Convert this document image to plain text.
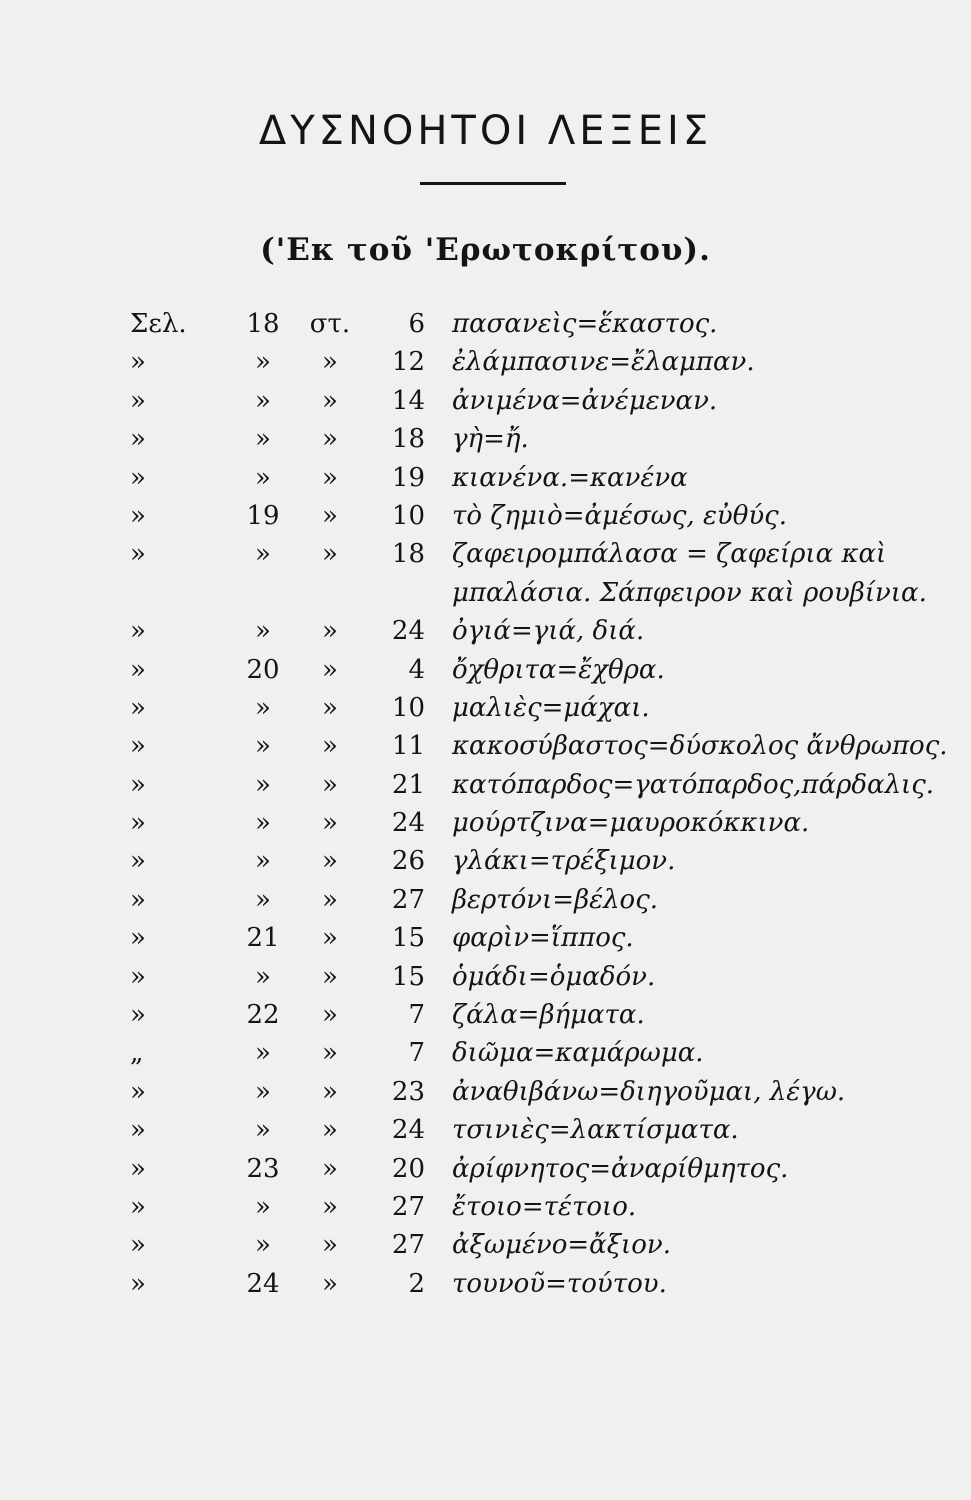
ΔΥΣΝΟΗΤΟΙ ΛΕΞΕΙΣ
('Εκ τοῦ 'Ερωτοκρίτου).
Σελ.	18	στ.	6 πασανεὶς=ἕκαστος.
»	»	»	12 ἐλάμπασινε=ἔλαμπαν.
»	»	»	14 ἀνιμένα=ἀνέμεναν.
»	»	»	18 γὴ=ἤ.
»	»	»	19 κιανένα.=κανένα
»	19	»	10 τὸ ζημιὸ=ἀμέσως, εὐθύς.
»	»	»	18 ζαφειρομπάλασα = ζαφείρια καὶ
μπαλάσια. Σάπφειρον καὶ ρουβίνια.
»	»	»	24 ὀγιά=γιά, διά.
»	20	»	4 ὄχθριτα=ἔχθρα.
»	»	»	10 μαλιὲς=μάχαι.
»	»	»	11 κακοσύβαστος=δύσκολος ἄνθρωπος.
»	»	»	21 κατόπαρδος=γατόπαρδος,πάρδαλις.
»	»	»	24 μούρτζινα=μαυροκόκκινα.
»	»	»	26 γλάκι=τρέξιμον.
»	»	»	27 βερτόνι=βέλος.
»	21	»	15 φαρὶν=ἵππος.
»	»	»	15 ὁμάδι=ὁμαδόν.
»	22	»	7 ζάλα=βήματα.
„	»	»	7 διῶμα=καμάρωμα.
»	»	»	23 ἀναθιβάνω=διηγοῦμαι, λέγω.
»	»	»	24 τσινιὲς=λακτίσματα.
»	23	»	20 ἀρίφνητος=ἀναρίθμητος.
»	»	»	27 ἔτοιο=τέτοιο.
»	»	»	27 ἀξωμένο=ἄξιον.
»	24	»	2 τουνοῦ=τούτου.
